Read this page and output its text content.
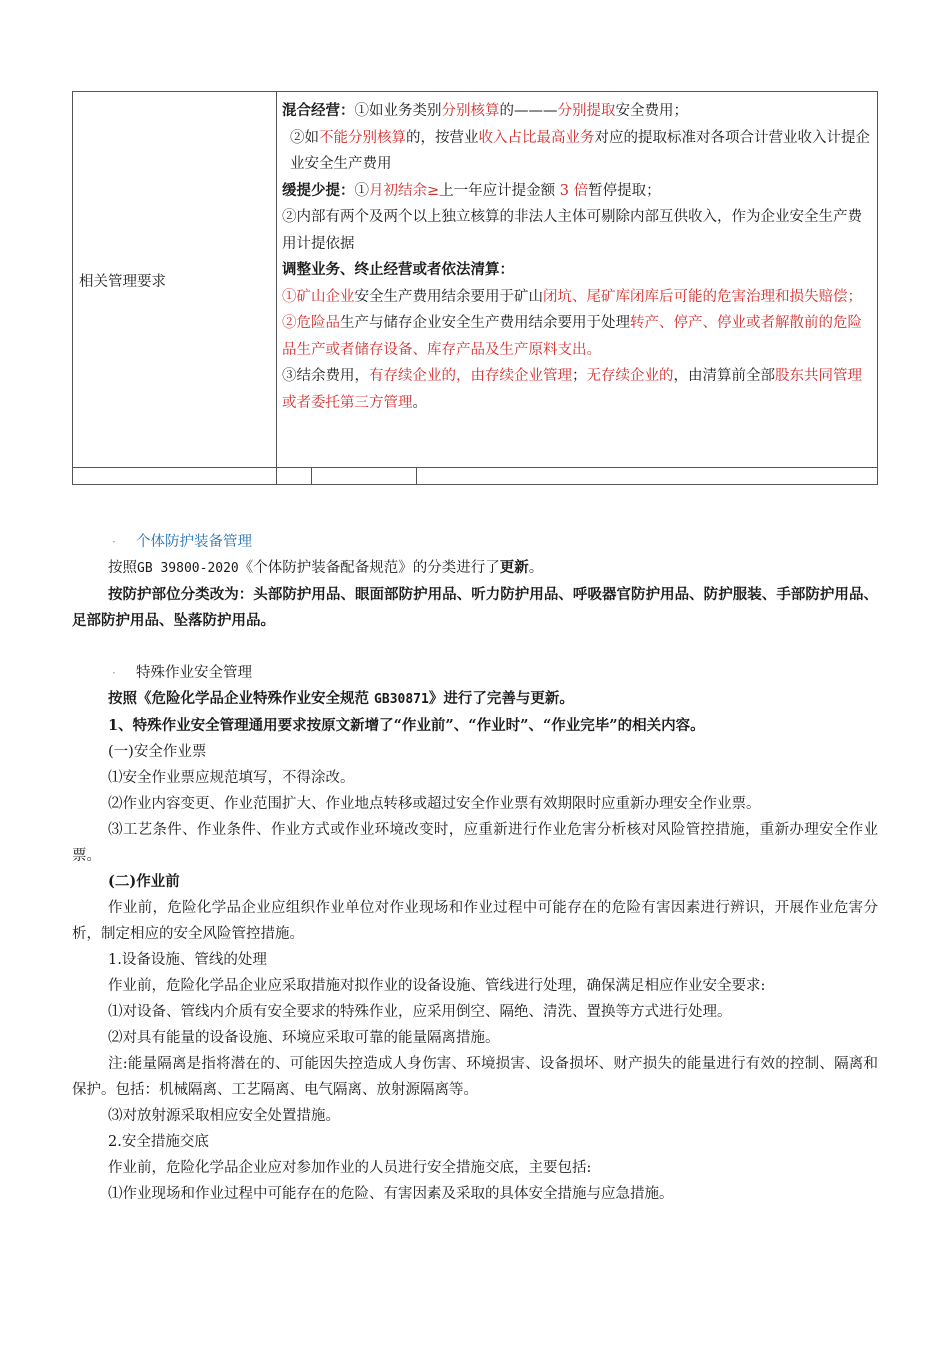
相关管理要求

混合经营：①如业务类别分别核算的———分别提取安全费用；

②如不能分别核算的，按营业收入占比最高业务对应的提取标准对各项合计营业收入计提企业安全生产费用

缓提少提：①月初结余≥上一年应计提金额 3 倍暂停提取；

②内部有两个及两个以上独立核算的非法人主体可剔除内部互供收入，作为企业安全生产费用计提依据

调整业务、终止经营或者依法清算：

①矿山企业安全生产费用结余要用于矿山闭坑、尾矿库闭库后可能的危害治理和损失赔偿；

②危险品生产与储存企业安全生产费用结余要用于处理转产、停产、停业或者解散前的危险品生产或者储存设备、库存产品及生产原料支出。

③结余费用，有存续企业的，由存续企业管理；无存续企业的，由清算前全部股东共同管理或者委托第三方管理。

· 个体防护装备管理

按照GB 39800-2020《个体防护装备配备规范》的分类进行了更新。

按防护部位分类改为：头部防护用品、眼面部防护用品、听力防护用品、呼吸器官防护用品、防护服装、手部防护用品、足部防护用品、坠落防护用品。

· 特殊作业安全管理

按照《危险化学品企业特殊作业安全规范 GB30871》进行了完善与更新。

1、特殊作业安全管理通用要求按原文新增了“作业前”、“作业时”、“作业完毕”的相关内容。

(一)安全作业票

⑴安全作业票应规范填写，不得涂改。

⑵作业内容变更、作业范围扩大、作业地点转移或超过安全作业票有效期限时应重新办理安全作业票。

⑶工艺条件、作业条件、作业方式或作业环境改变时，应重新进行作业危害分析核对风险管控措施，重新办理安全作业票。

(二)作业前

作业前，危险化学品企业应组织作业单位对作业现场和作业过程中可能存在的危险有害因素进行辨识，开展作业危害分析，制定相应的安全风险管控措施。

1.设备设施、管线的处理

作业前，危险化学品企业应采取措施对拟作业的设备设施、管线进行处理，确保满足相应作业安全要求:

⑴对设备、管线内介质有安全要求的特殊作业，应采用倒空、隔绝、清洗、置换等方式进行处理。

⑵对具有能量的设备设施、环境应采取可靠的能量隔离措施。

注:能量隔离是指将潜在的、可能因失控造成人身伤害、环境损害、设备损坏、财产损失的能量进行有效的控制、隔离和保护。包括：机械隔离、工艺隔离、电气隔离、放射源隔离等。

⑶对放射源采取相应安全处置措施。

2.安全措施交底

作业前，危险化学品企业应对参加作业的人员进行安全措施交底，主要包括:

⑴作业现场和作业过程中可能存在的危险、有害因素及采取的具体安全措施与应急措施。
